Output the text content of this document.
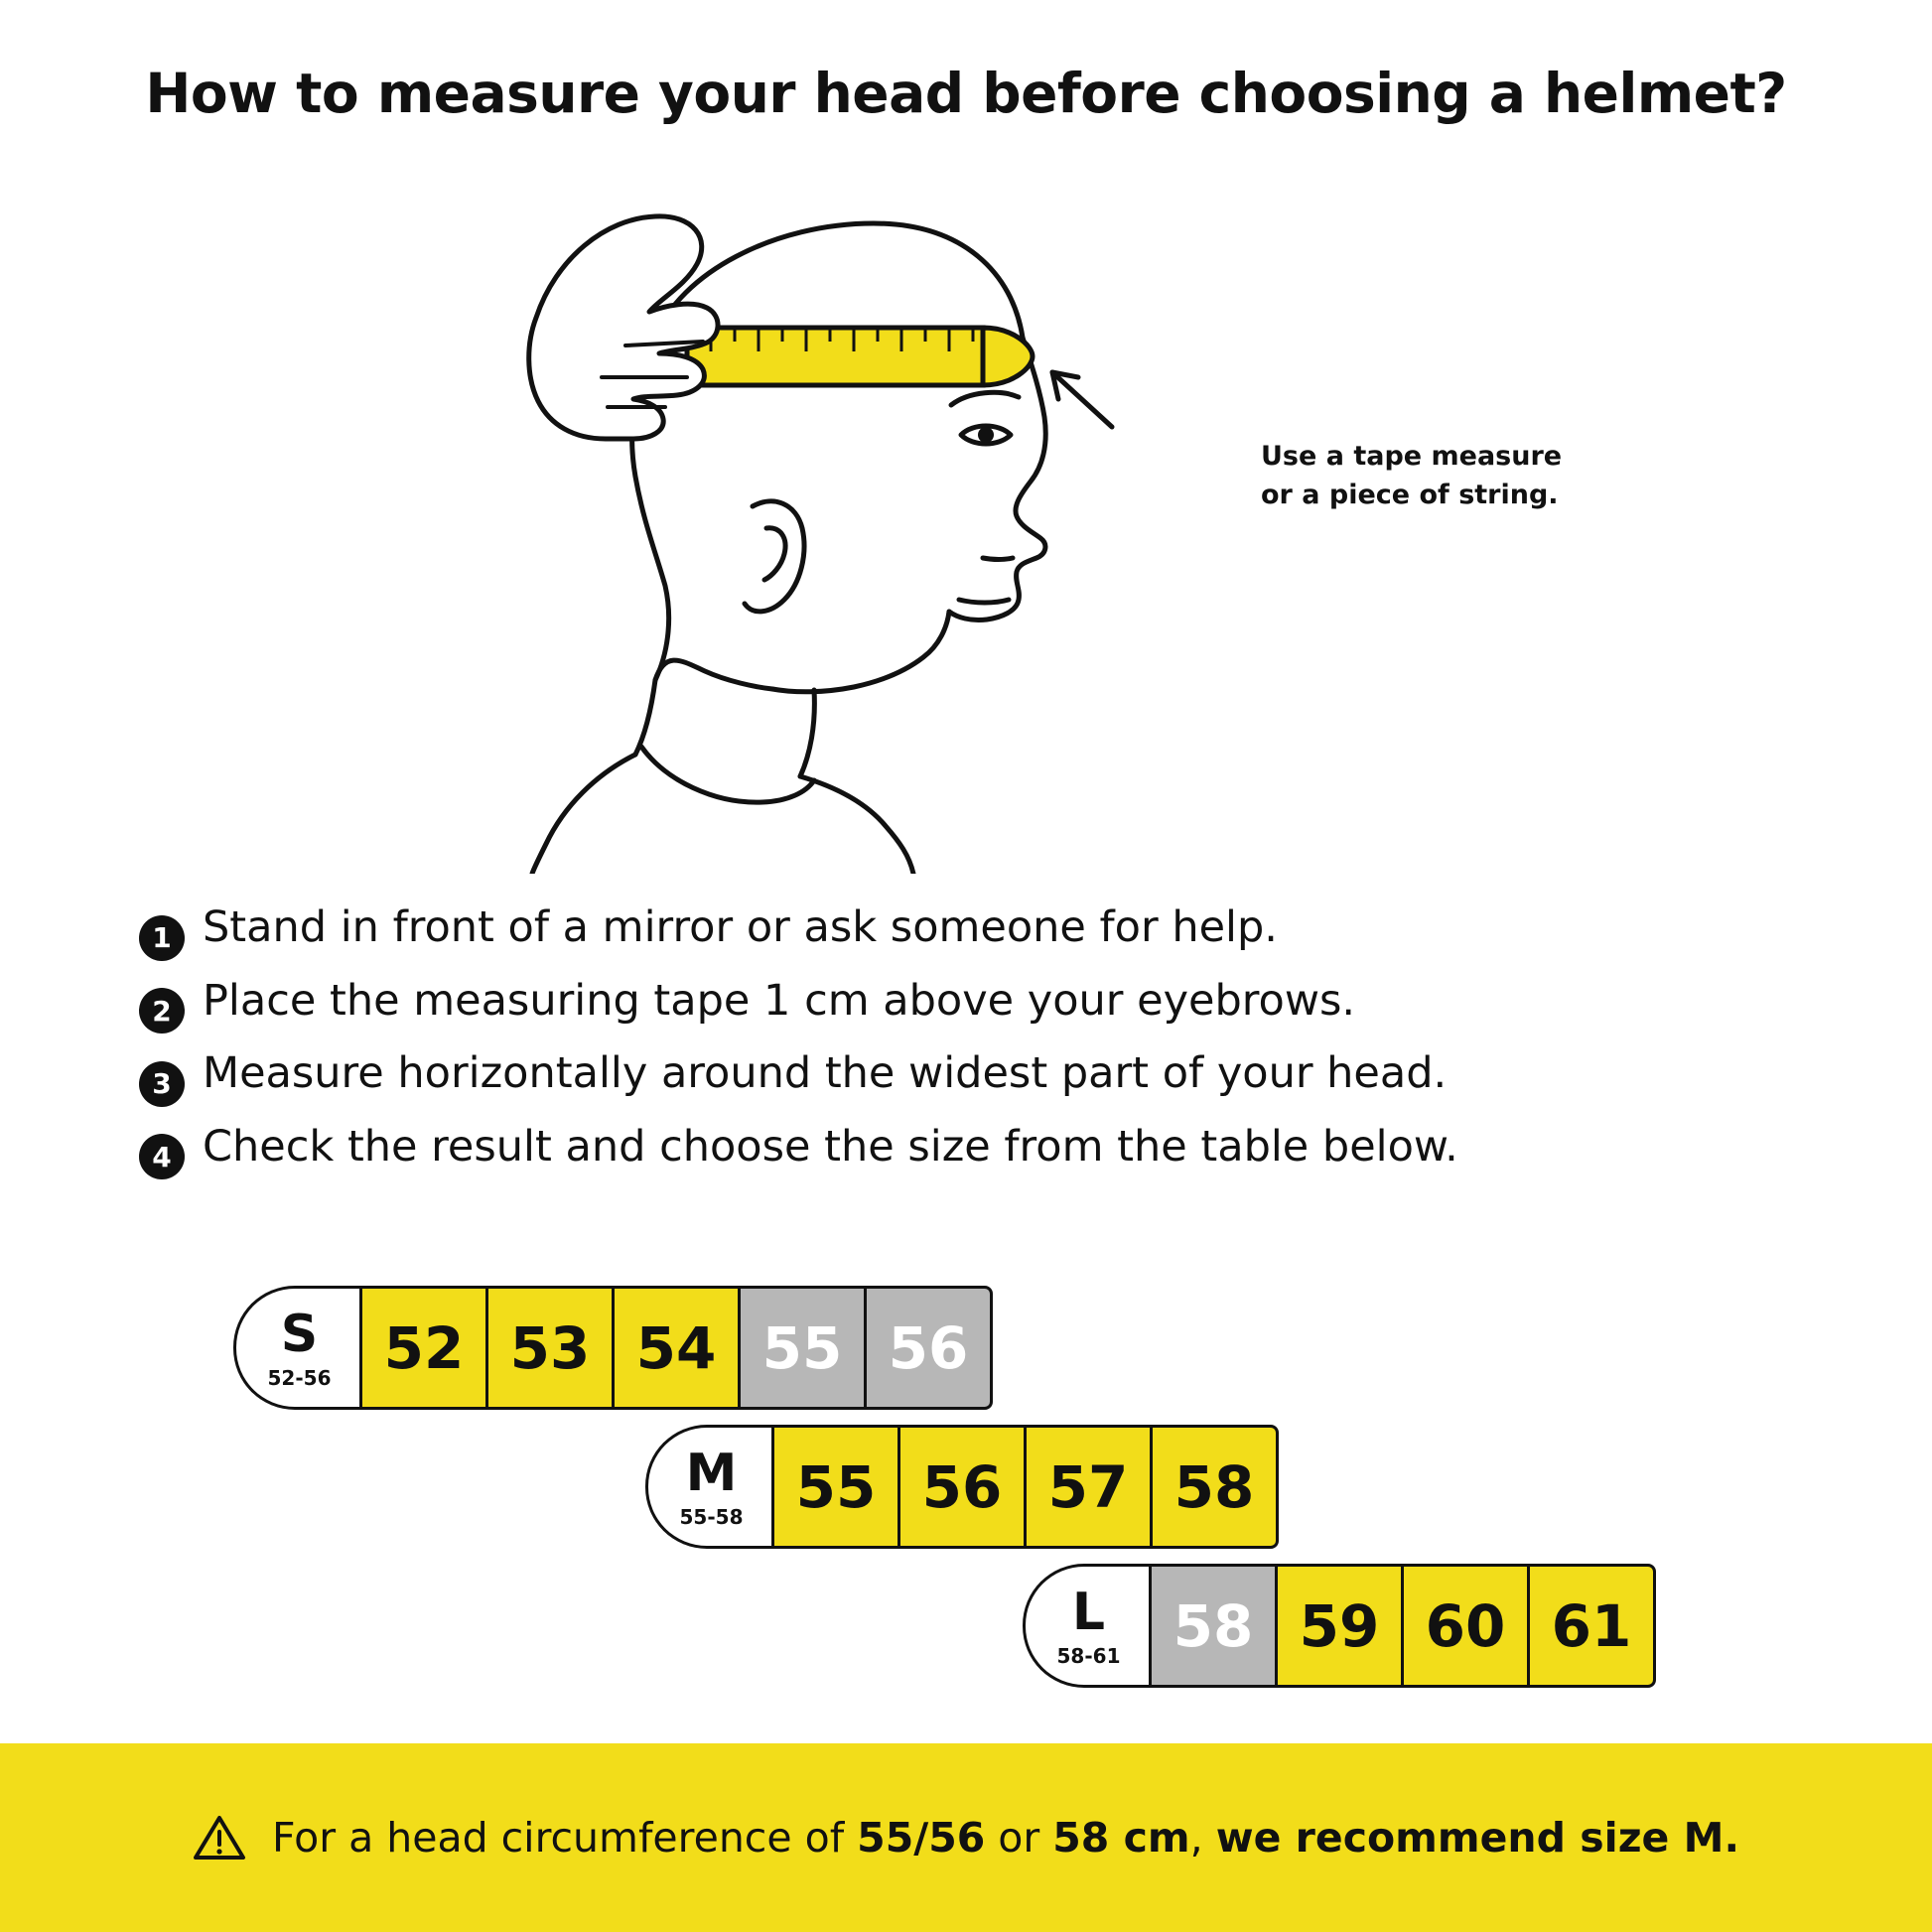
How to measure your head before choosing a helmet?
Use a tape measure
or a piece of string.
1 Stand in front of a mirror or ask someone for help.
2 Place the measuring tape 1 cm above your eyebrows.
3 Measure horizontally around the widest part of your head.
4 Check the result and choose the size from the table below.
S
52-56 52 53 54 55 56
M
55-58 55 56 57 58
L
58-61 58 59 60 61
For a head circumference of 55/56 or 58 cm, we recommend size M.
